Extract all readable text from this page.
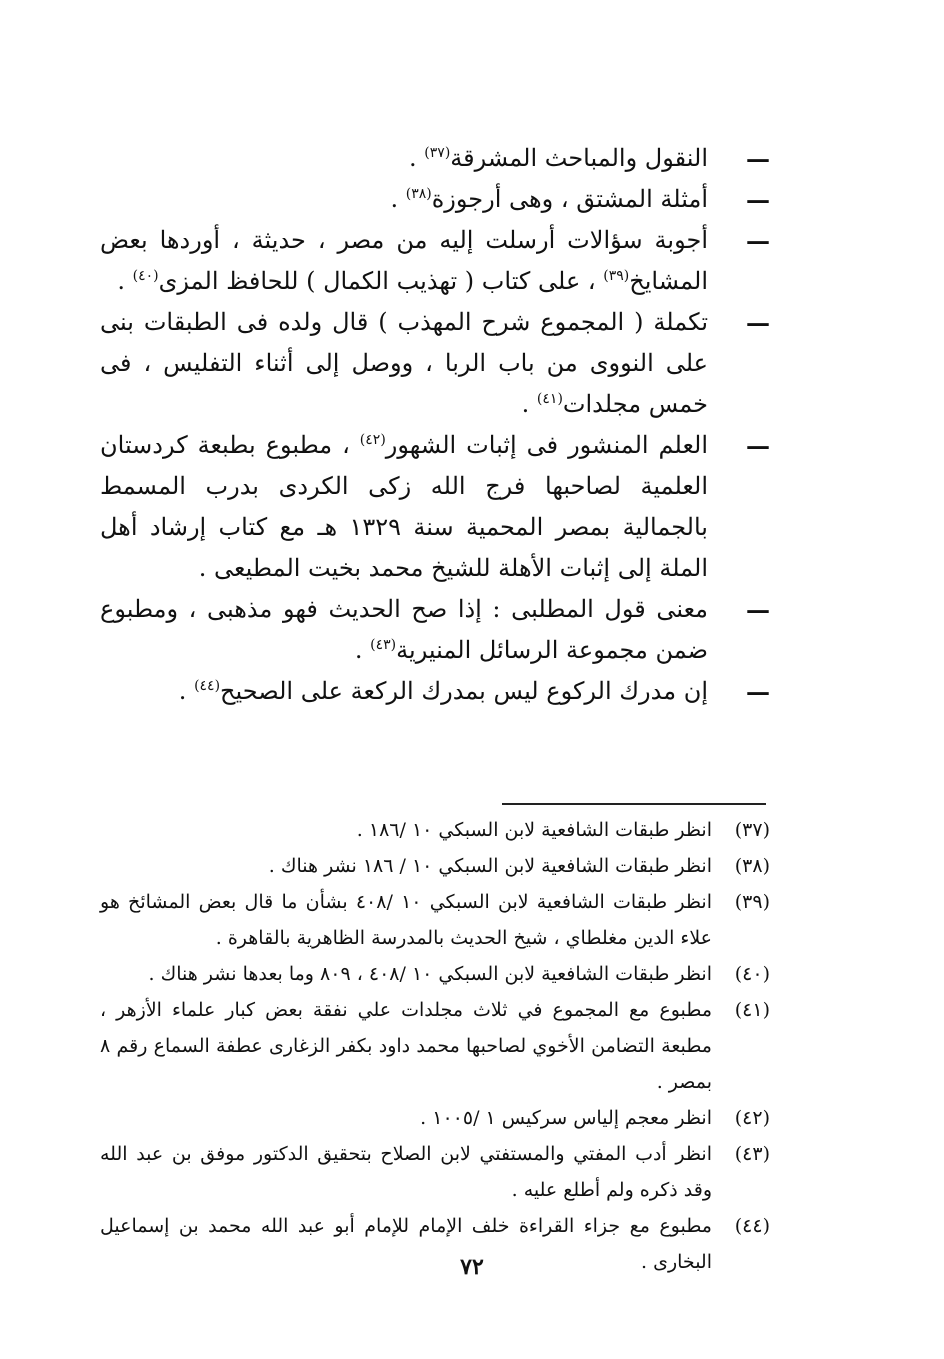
—
النقول والمباحث المشرقة$^{(٣٧)}$ .
—
أمثلة المشتق ، وهى أرجوزة$^{(٣٨)}$ .
—
أجوبة سؤالات أرسلت إليه من مصر ، حديثة ، أوردها بعض المشايخ$^{(٣٩)}$ ، على كتاب ( تهذيب الكمال ) للحافظ المزى$^{(٤٠)}$ .
—
تكملة ( المجموع شرح المهذب ) قال ولده فى الطبقات بنى على النووى من باب الربا ، ووصل إلى أثناء التفليس ، فى خمس مجلدات$^{(٤١)}$ .
—
العلم المنشور فى إثبات الشهور$^{(٤٢)}$ ، مطبوع بطبعة كردستان العلمية لصاحبها فرج الله زكى الكردى بدرب المسمط بالجمالية بمصر المحمية سنة ١٣٢٩ هـ مع كتاب إرشاد أهل الملة إلى إثبات الأهلة للشيخ محمد بخيت المطيعى .
—
معنى قول المطلبى : إذا صح الحديث فهو مذهبى ، ومطبوع ضمن مجموعة الرسائل المنيرية$^{(٤٣)}$ .
—
إن مدرك الركوع ليس بمدرك الركعة على الصحيح$^{(٤٤)}$ .
(٣٧)
انظر طبقات الشافعية لابن السبكي ١٠ /١٨٦ .
(٣٨)
انظر طبقات الشافعية لابن السبكي ١٠ / ١٨٦ نشر هناك .
(٣٩)
انظر طبقات الشافعية لابن السبكي ١٠ /٤٠٨ بشأن ما قال بعض المشائخ هو علاء الدين مغلطاي ، شيخ الحديث بالمدرسة الظاهرية بالقاهرة .
(٤٠)
انظر طبقات الشافعية لابن السبكي ١٠ /٤٠٨ ، ٨٠٩ وما بعدها نشر هناك .
(٤١)
مطبوع مع المجموع في ثلاث مجلدات علي نفقة بعض كبار علماء الأزهر ، مطبعة التضامن الأخوي لصاحبها محمد داود بكفر الزغارى عطفة السماع رقم ٨ بمصر .
(٤٢)
انظر معجم إلياس سركيس ١ /١٠٠٥ .
(٤٣)
انظر أدب المفتي والمستفتي لابن الصلاح بتحقيق الدكتور موفق بن عبد الله وقد ذكره ولم أطلع عليه .
(٤٤)
مطبوع مع جزاء القراءة خلف الإمام للإمام أبو عبد الله محمد بن إسماعيل البخارى .
٧٢
